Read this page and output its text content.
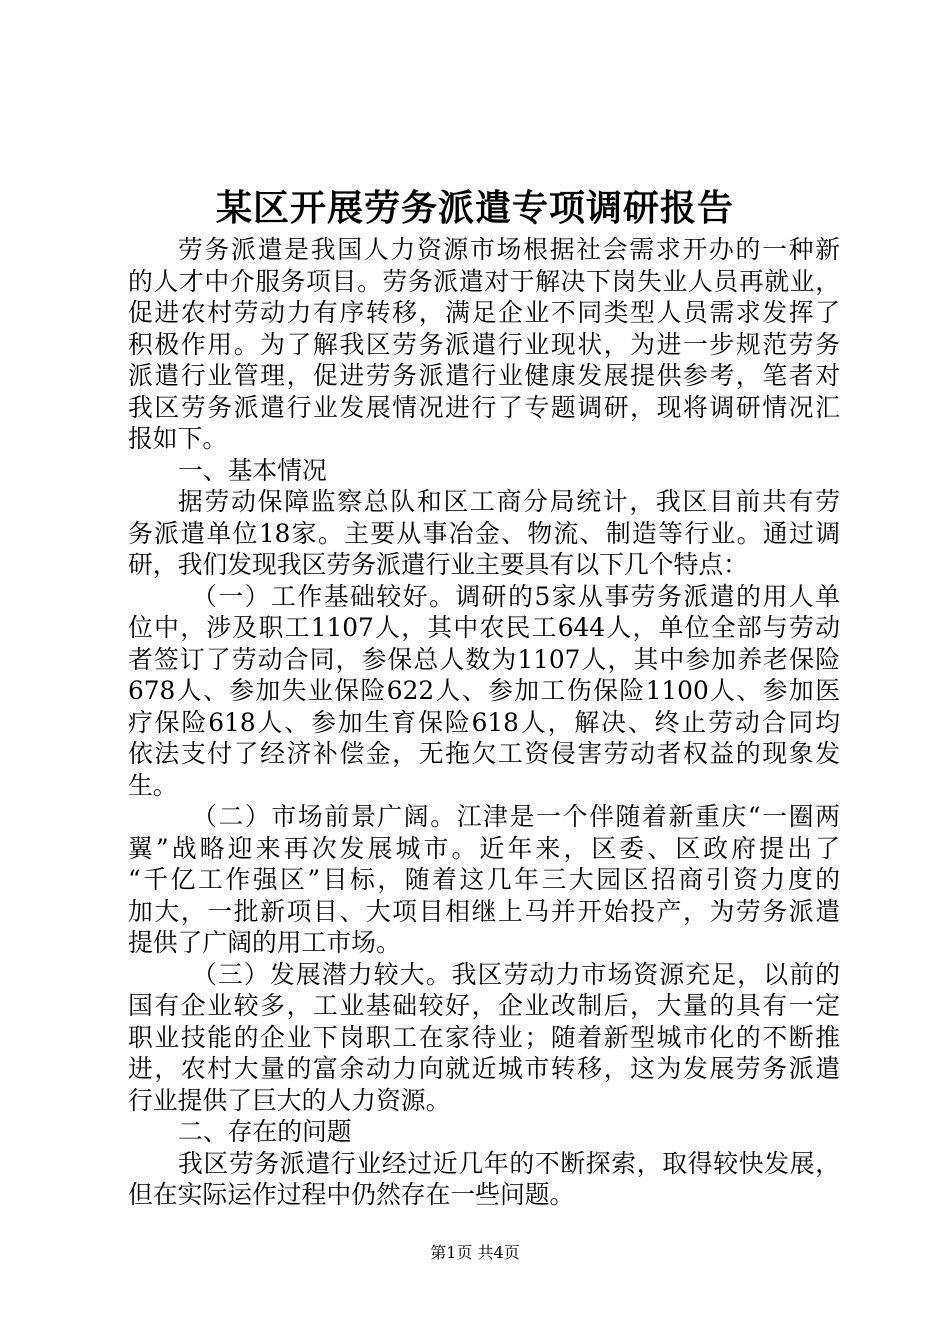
某区开展劳务派遣专项调研报告
劳务派遣是我国人力资源市场根据社会需求开办的一种新
的人才中介服务项目。劳务派遣对于解决下岗失业人员再就业，
促进农村劳动力有序转移，满足企业不同类型人员需求发挥了
积极作用。为了解我区劳务派遣行业现状，为进一步规范劳务
派遣行业管理，促进劳务派遣行业健康发展提供参考，笔者对
我区劳务派遣行业发展情况进行了专题调研，现将调研情况汇
报如下。
一、基本情况
据劳动保障监察总队和区工商分局统计，我区目前共有劳
务派遣单位18家。主要从事冶金、物流、制造等行业。通过调
研，我们发现我区劳务派遣行业主要具有以下几个特点：
（一）工作基础较好。调研的5家从事劳务派遣的用人单
位中，涉及职工1107人，其中农民工644人，单位全部与劳动
者签订了劳动合同，参保总人数为1107人，其中参加养老保险
678人、参加失业保险622人、参加工伤保险1100人、参加医
疗保险618人、参加生育保险618人，解决、终止劳动合同均
依法支付了经济补偿金，无拖欠工资侵害劳动者权益的现象发
生。
（二）市场前景广阔。江津是一个伴随着新重庆“一圈两
翼”战略迎来再次发展城市。近年来，区委、区政府提出了
“千亿工作强区”目标，随着这几年三大园区招商引资力度的
加大，一批新项目、大项目相继上马并开始投产，为劳务派遣
提供了广阔的用工市场。
（三）发展潜力较大。我区劳动力市场资源充足，以前的
国有企业较多，工业基础较好，企业改制后，大量的具有一定
职业技能的企业下岗职工在家待业；随着新型城市化的不断推
进，农村大量的富余动力向就近城市转移，这为发展劳务派遣
行业提供了巨大的人力资源。
二、存在的问题
我区劳务派遣行业经过近几年的不断探索，取得较快发展，
但在实际运作过程中仍然存在一些问题。
第1页 共4页
